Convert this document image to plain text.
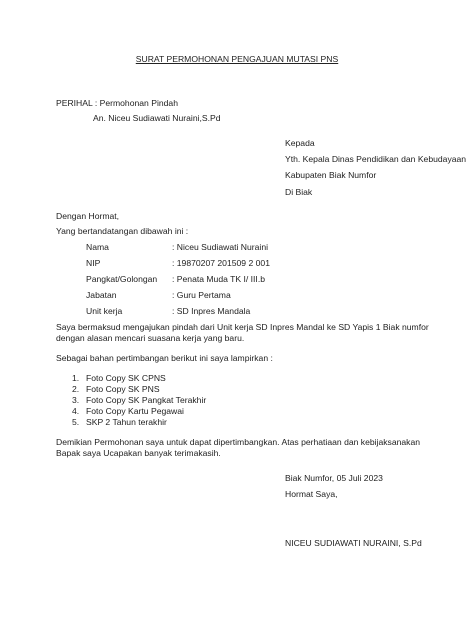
SURAT PERMOHONAN PENGAJUAN MUTASI PNS
PERIHAL : Permohonan Pindah
An. Niceu Sudiawati Nuraini,S.Pd
Kepada
Yth. Kepala Dinas Pendidikan dan Kebudayaan
Kabupaten Biak Numfor
Di Biak
Dengan Hormat,
Yang bertandatangan dibawah ini :
Nama	: Niceu Sudiawati Nuraini
NIP	: 19870207 201509 2 001
Pangkat/Golongan : Penata Muda TK I/ III.b
Jabatan	: Guru Pertama
Unit kerja	: SD Inpres Mandala
Saya bermaksud mengajukan pindah dari Unit kerja SD Inpres Mandal ke SD Yapis 1 Biak numfor
dengan alasan mencari suasana kerja yang baru.
Sebagai bahan pertimbangan berikut ini saya lampirkan :
1. Foto Copy SK CPNS
2. Foto Copy SK PNS
3. Foto Copy SK Pangkat Terakhir
4. Foto Copy Kartu Pegawai
5. SKP 2 Tahun terakhir
Demikian Permohonan saya untuk dapat dipertimbangkan. Atas perhatiaan dan kebijaksanakan
Bapak saya Ucapakan banyak terimakasih.
Biak Numfor, 05 Juli 2023
Hormat Saya,
NICEU SUDIAWATI NURAINI, S.Pd
